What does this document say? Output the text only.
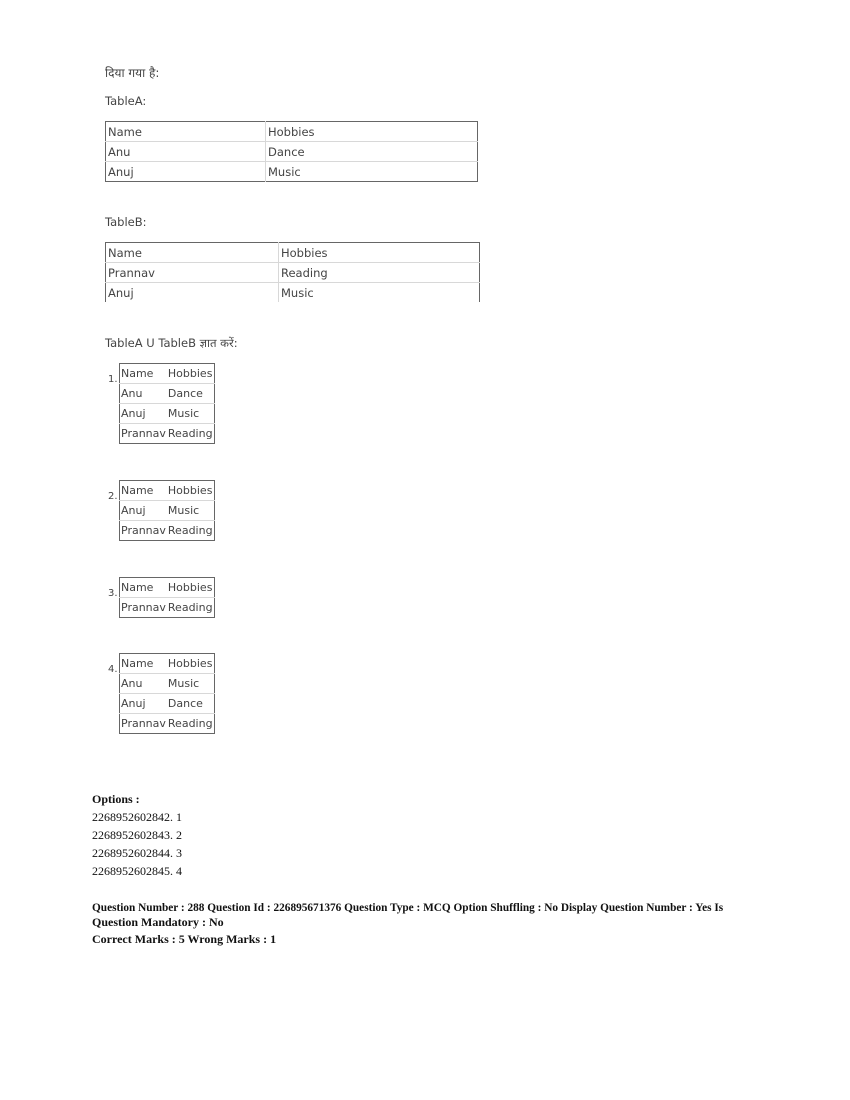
दिया गया है:
TableA:
Name	Hobbies
Anu	Dance
Anuj	Music
TableB:
Name	Hobbies
Prannav	Reading
Anuj	Music
TableA U TableB ज्ञात करें:
1. Name	Hobbies
Anu	Dance
Anuj	Music
Prannav	Reading
2. Name	Hobbies
Anuj	Music
Prannav	Reading
3. Name	Hobbies
Prannav	Reading
4. Name	Hobbies
Anu	Music
Anuj	Dance
Prannav	Reading
Options :
2268952602842. 1
2268952602843. 2
2268952602844. 3
2268952602845. 4
Question Number : 288 Question Id : 226895671376 Question Type : MCQ Option Shuffling : No Display Question Number : Yes Is
Question Mandatory : No
Correct Marks : 5 Wrong Marks : 1
